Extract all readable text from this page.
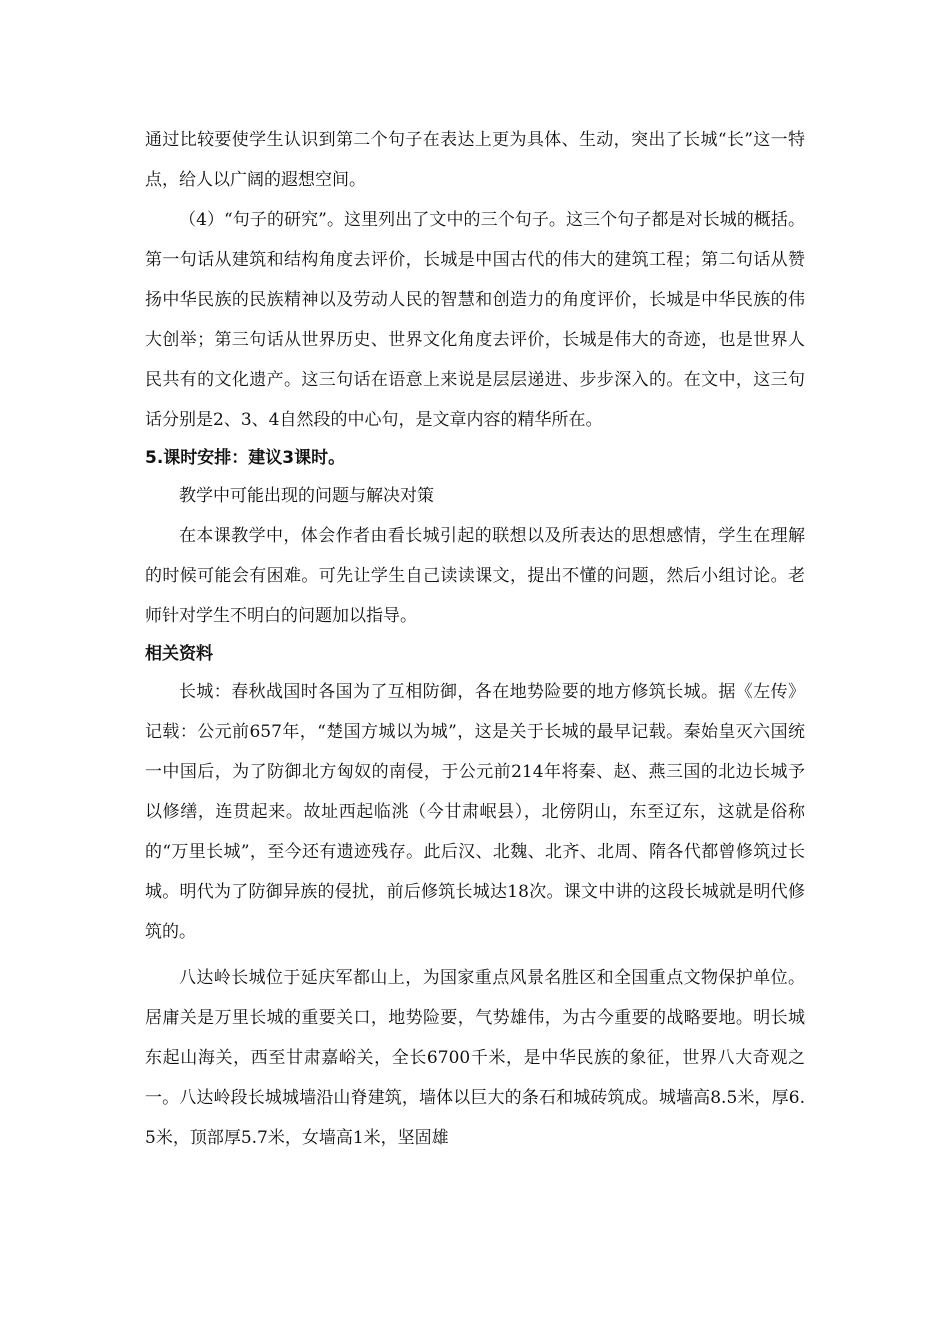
通过比较要使学生认识到第二个句子在表达上更为具体、生动，突出了长城“长”这一特点，给人以广阔的遐想空间。

（4）“句子的研究”。这里列出了文中的三个句子。这三个句子都是对长城的概括。第一句话从建筑和结构角度去评价，长城是中国古代的伟大的建筑工程；第二句话从赞扬中华民族的民族精神以及劳动人民的智慧和创造力的角度评价，长城是中华民族的伟大创举；第三句话从世界历史、世界文化角度去评价，长城是伟大的奇迹，也是世界人民共有的文化遗产。这三句话在语意上来说是层层递进、步步深入的。在文中，这三句话分别是2、3、4自然段的中心句，是文章内容的精华所在。

5.课时安排：建议3课时。

教学中可能出现的问题与解决对策

在本课教学中，体会作者由看长城引起的联想以及所表达的思想感情，学生在理解的时候可能会有困难。可先让学生自己读读课文，提出不懂的问题，然后小组讨论。老师针对学生不明白的问题加以指导。

相关资料

长城：春秋战国时各国为了互相防御，各在地势险要的地方修筑长城。据《左传》记载：公元前657年，“楚国方城以为城”，这是关于长城的最早记载。秦始皇灭六国统一中国后，为了防御北方匈奴的南侵，于公元前214年将秦、赵、燕三国的北边长城予以修缮，连贯起来。故址西起临洮（今甘肃岷县），北傍阴山，东至辽东，这就是俗称的“万里长城”，至今还有遗迹残存。此后汉、北魏、北齐、北周、隋各代都曾修筑过长城。明代为了防御异族的侵扰，前后修筑长城达18次。课文中讲的这段长城就是明代修筑的。

八达岭长城位于延庆军都山上，为国家重点风景名胜区和全国重点文物保护单位。居庸关是万里长城的重要关口，地势险要，气势雄伟，为古今重要的战略要地。明长城东起山海关，西至甘肃嘉峪关，全长6700千米，是中华民族的象征，世界八大奇观之一。八达岭段长城城墙沿山脊建筑，墙体以巨大的条石和城砖筑成。城墙高8.5米，厚6.5米，顶部厚5.7米，女墙高1米，坚固雄
